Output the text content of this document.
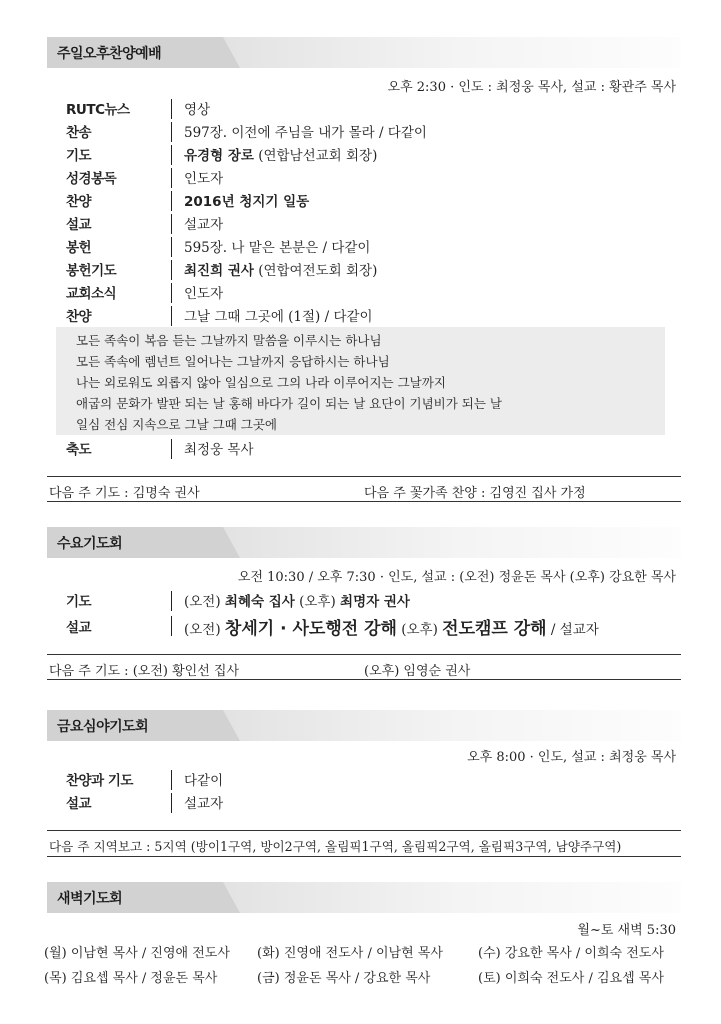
주일오후찬양예배
오후 2:30 · 인도 : 최정웅 목사, 설교 : 황관주 목사
RUTC뉴스	영상
찬송	597장. 이전에 주님을 내가 몰라 / 다같이
기도	유경형 장로 (연합남선교회 회장)
성경봉독	인도자
찬양	2016년 청지기 일동
설교	설교자
봉헌	595장. 나 맡은 본분은 / 다같이
봉헌기도	최진희 권사 (연합여전도회 회장)
교회소식	인도자
찬양	그날 그때 그곳에 (1절) / 다같이
모든 족속이 복음 듣는 그날까지 말씀을 이루시는 하나님
모든 족속에 렘넌트 일어나는 그날까지 응답하시는 하나님
나는 외로워도 외롭지 않아 일심으로 그의 나라 이루어지는 그날까지
애굽의 문화가 발판 되는 날 홍해 바다가 길이 되는 날 요단이 기념비가 되는 날
일심 전심 지속으로 그날 그때 그곳에
축도	최정웅 목사
다음 주 기도 : 김명숙 권사	다음 주 꽃가족 찬양 : 김영진 집사 가정
수요기도회
오전 10:30 / 오후 7:30 · 인도, 설교 : (오전) 정윤돈 목사 (오후) 강요한 목사
기도	(오전) 최혜숙 집사 (오후) 최명자 권사
설교	(오전) 창세기 · 사도행전 강해 (오후) 전도캠프 강해 / 설교자
다음 주 기도 : (오전) 황인선 집사	(오후) 임영순 권사
금요심야기도회
오후 8:00 · 인도, 설교 : 최정웅 목사
찬양과 기도	다같이
설교	설교자
다음 주 지역보고 : 5지역 (방이1구역, 방이2구역, 올림픽1구역, 올림픽2구역, 올림픽3구역, 남양주구역)
새벽기도회
월~토 새벽 5:30
(월) 이남현 목사 / 진영애 전도사 (화) 진영애 전도사 / 이남현 목사	(수) 강요한 목사 / 이희숙 전도사
(목) 김요셉 목사 / 정윤돈 목사	(금) 정윤돈 목사 / 강요한 목사	(토) 이희숙 전도사 / 김요셉 목사
